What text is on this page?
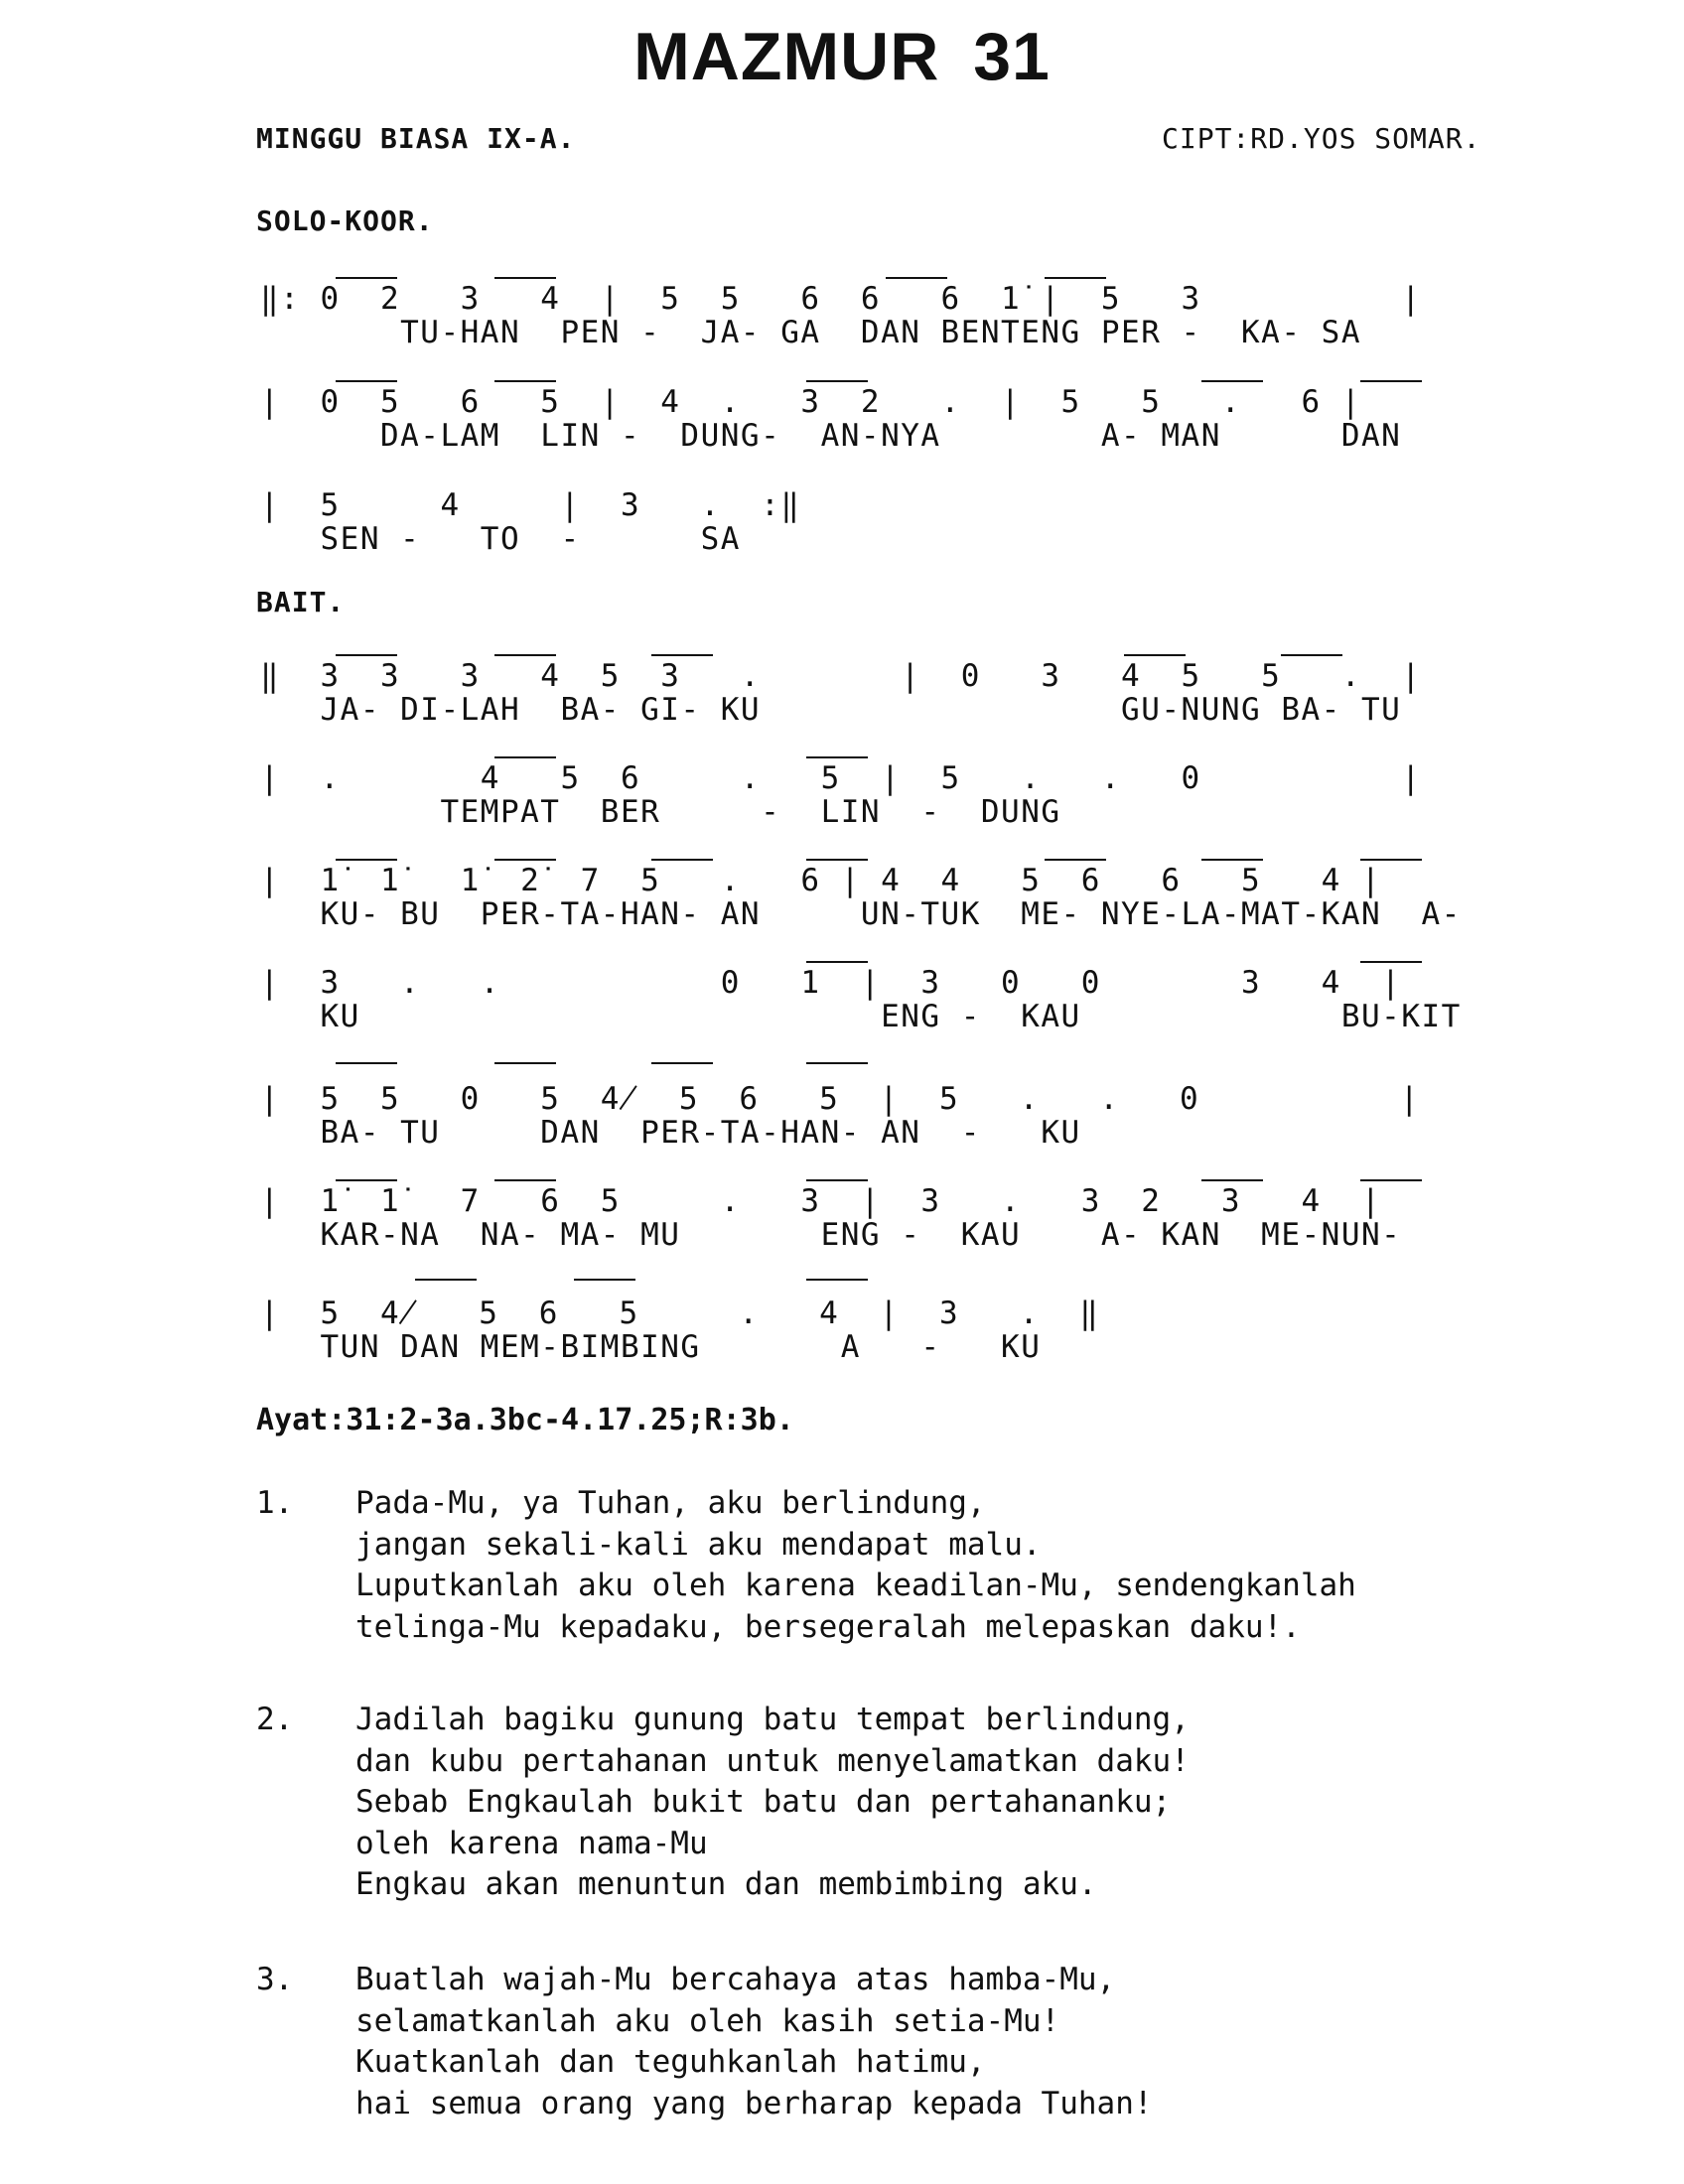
MAZMUR 31
MINGGU BIASA IX-A.	CIPT:RD.YOS SOMAR.
SOLO-KOOR.
‖: 0  2   3   4  |  5  5   6  6   6  1̇ |  5   3          |
TU-HAN  PEN -  JA- GA  DAN BENTENG PER -  KA- SA
|  0  5   6   5  |  4  .   3  2   .  |  5   5   .   6 |
DA-LAM  LIN -  DUNG-  AN-NYA        A- MAN      DAN
|  5     4     |  3   .  :‖
SEN -   TO  -      SA
BAIT.
‖  3  3   3   4  5  3   .       |  0   3   4  5   5   .  |
JA- DI-LAH  BA- GI- KU                  GU-NUNG BA- TU
|  .       4   5  6     .   5  |  5   .   .   0          |
TEMPAT  BER     -  LIN  -  DUNG
|  1̇  1̇   1̇  2̇  7  5   .   6 | 4  4   5  6   6   5   4 |
KU- BU  PER-TA-HAN- AN     UN-TUK  ME- NYE-LA-MAT-KAN  A-
|  3   .   .           0   1  |  3   0   0       3   4  |
KU                          ENG -  KAU             BU-KIT
|  5  5   0   5  4̸  5  6   5  |  5   .   .   0          |
BA- TU     DAN  PER-TA-HAN- AN  -   KU
|  1̇  1̇   7   6  5     .   3  |  3   .   3  2   3   4  |
KAR-NA  NA- MA- MU       ENG -  KAU    A- KAN  ME-NUN-
|  5  4̸   5  6   5     .   4  |  3   .  ‖
TUN DAN MEM-BIMBING       A   -   KU
Ayat:31:2-3a.3bc-4.17.25;R:3b.
1. Pada-Mu, ya Tuhan, aku berlindung,
jangan sekali-kali aku mendapat malu.
Luputkanlah aku oleh karena keadilan-Mu, sendengkanlah
telinga-Mu kepadaku, bersegeralah melepaskan daku!.
2. Jadilah bagiku gunung batu tempat berlindung,
dan kubu pertahanan untuk menyelamatkan daku!
Sebab Engkaulah bukit batu dan pertahananku;
oleh karena nama-Mu
Engkau akan menuntun dan membimbing aku.
3. Buatlah wajah-Mu bercahaya atas hamba-Mu,
selamatkanlah aku oleh kasih setia-Mu!
Kuatkanlah dan teguhkanlah hatimu,
hai semua orang yang berharap kepada Tuhan!
